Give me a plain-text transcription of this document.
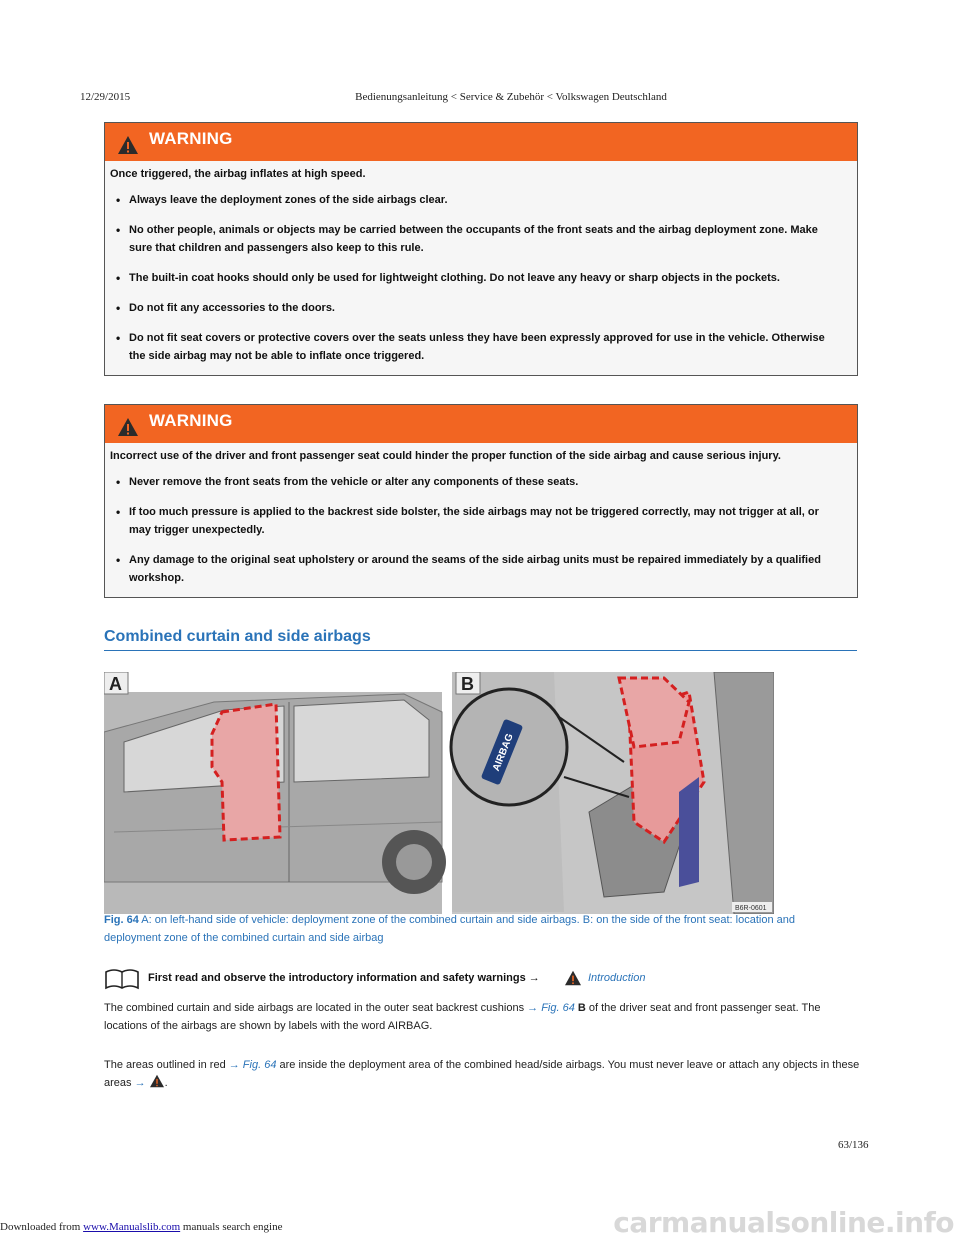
12/29/2015	Bedienungsanleitung < Service & Zubehör < Volkswagen Deutschland
WARNING
Once triggered, the airbag inflates at high speed.
• Always leave the deployment zones of the side airbags clear.
• No other people, animals or objects may be carried between the occupants of the front seats and the airbag deployment zone. Make sure that children and passengers also keep to this rule.
• The built-in coat hooks should only be used for lightweight clothing. Do not leave any heavy or sharp objects in the pockets.
• Do not fit any accessories to the doors.
• Do not fit seat covers or protective covers over the seats unless they have been expressly approved for use in the vehicle. Otherwise the side airbag may not be able to inflate once triggered.
WARNING
Incorrect use of the driver and front passenger seat could hinder the proper function of the side airbag and cause serious injury.
• Never remove the front seats from the vehicle or alter any components of these seats.
• If too much pressure is applied to the backrest side bolster, the side airbags may not be triggered correctly, may not trigger at all, or may trigger unexpectedly.
• Any damage to the original seat upholstery or around the seams of the side airbag units must be repaired immediately by a qualified workshop.
Combined curtain and side airbags
A
AIRBAG
B
B6R-0601
Fig. 64 A: on left-hand side of vehicle: deployment zone of the combined curtain and side airbags. B: on the side of the front seat: location and deployment zone of the combined curtain and side airbag
First read and observe the introductory information and safety warnings →	Introduction
The combined curtain and side airbags are located in the outer seat backrest cushions → Fig. 64 B of the driver seat and front passenger seat. The locations of the airbags are shown by labels with the word AIRBAG.
The areas outlined in red → Fig. 64 are inside the deployment area of the combined head/side airbags. You must never leave or attach any objects in these areas → .
63/136
Downloaded from www.Manualslib.com manuals search engine	carmanualsonline.info
